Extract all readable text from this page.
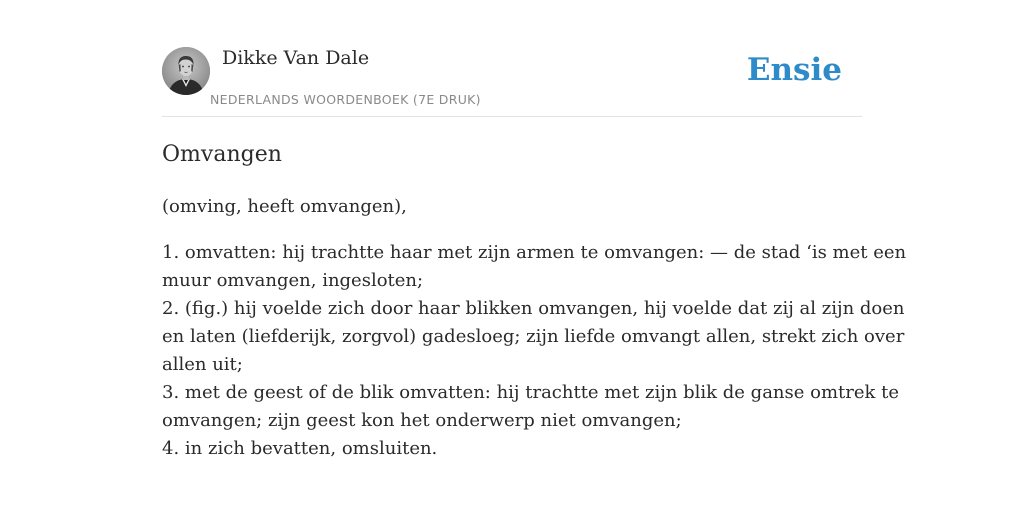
Dikke Van Dale
NEDERLANDS WOORDENBOEK (7E DRUK)
Ensie
Omvangen

(omving, heeft omvangen),

1. omvatten: hij trachtte haar met zijn armen te omvangen: — de stad ‘is met een
muur omvangen, ingesloten;
2. (fig.) hij voelde zich door haar blikken omvangen, hij voelde dat zij al zijn doen
en laten (liefderijk, zorgvol) gadesloeg; zijn liefde omvangt allen, strekt zich over
allen uit;
3. met de geest of de blik omvatten: hij trachtte met zijn blik de ganse omtrek te
omvangen; zijn geest kon het onderwerp niet omvangen;
4. in zich bevatten, omsluiten.
